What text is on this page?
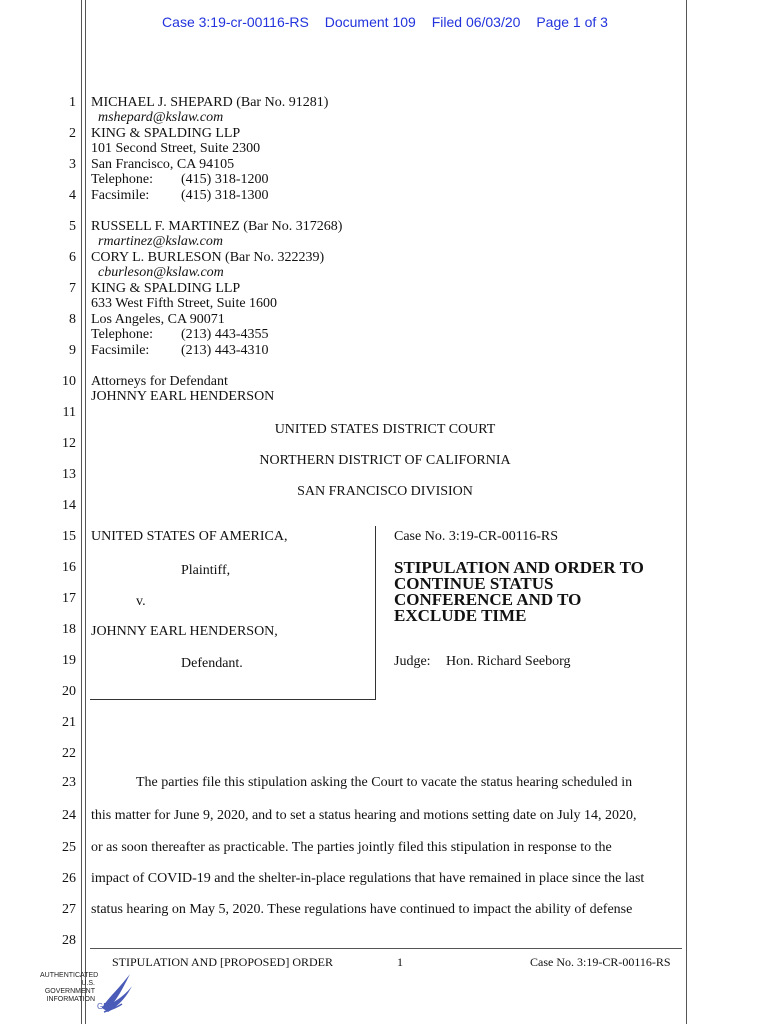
Case 3:19-cr-00116-RS Document 109 Filed 06/03/20 Page 1 of 3
1
2
3
4
5
6
7
8
9
10
11
12
13
14
15
16
17
18
19
20
21
22
23
24
25
26
27
28
MICHAEL J. SHEPARD (Bar No. 91281)
mshepard@kslaw.com
KING & SPALDING LLP
101 Second Street, Suite 2300
San Francisco, CA 94105
Telephone: (415) 318-1200
Facsimile: (415) 318-1300
RUSSELL F. MARTINEZ (Bar No. 317268)
rmartinez@kslaw.com
CORY L. BURLESON (Bar No. 322239)
cburleson@kslaw.com
KING & SPALDING LLP
633 West Fifth Street, Suite 1600
Los Angeles, CA 90071
Telephone: (213) 443-4355
Facsimile: (213) 443-4310
Attorneys for Defendant
JOHNNY EARL HENDERSON
UNITED STATES DISTRICT COURT
NORTHERN DISTRICT OF CALIFORNIA
SAN FRANCISCO DIVISION
UNITED STATES OF AMERICA,
Plaintiff,
v.
JOHNNY EARL HENDERSON,
Defendant.
Case No. 3:19-CR-00116-RS
STIPULATION AND ORDER TO CONTINUE STATUS CONFERENCE AND TO EXCLUDE TIME
Judge: Hon. Richard Seeborg
The parties file this stipulation asking the Court to vacate the status hearing scheduled in
this matter for June 9, 2020, and to set a status hearing and motions setting date on July 14, 2020,
or as soon thereafter as practicable. The parties jointly filed this stipulation in response to the
impact of COVID-19 and the shelter-in-place regulations that have remained in place since the last
status hearing on May 5, 2020. These regulations have continued to impact the ability of defense
STIPULATION AND [PROPOSED] ORDER	1	Case No. 3:19-CR-00116-RS
AUTHENTICATED
U.S. GOVERNMENT
INFORMATION
GPO
